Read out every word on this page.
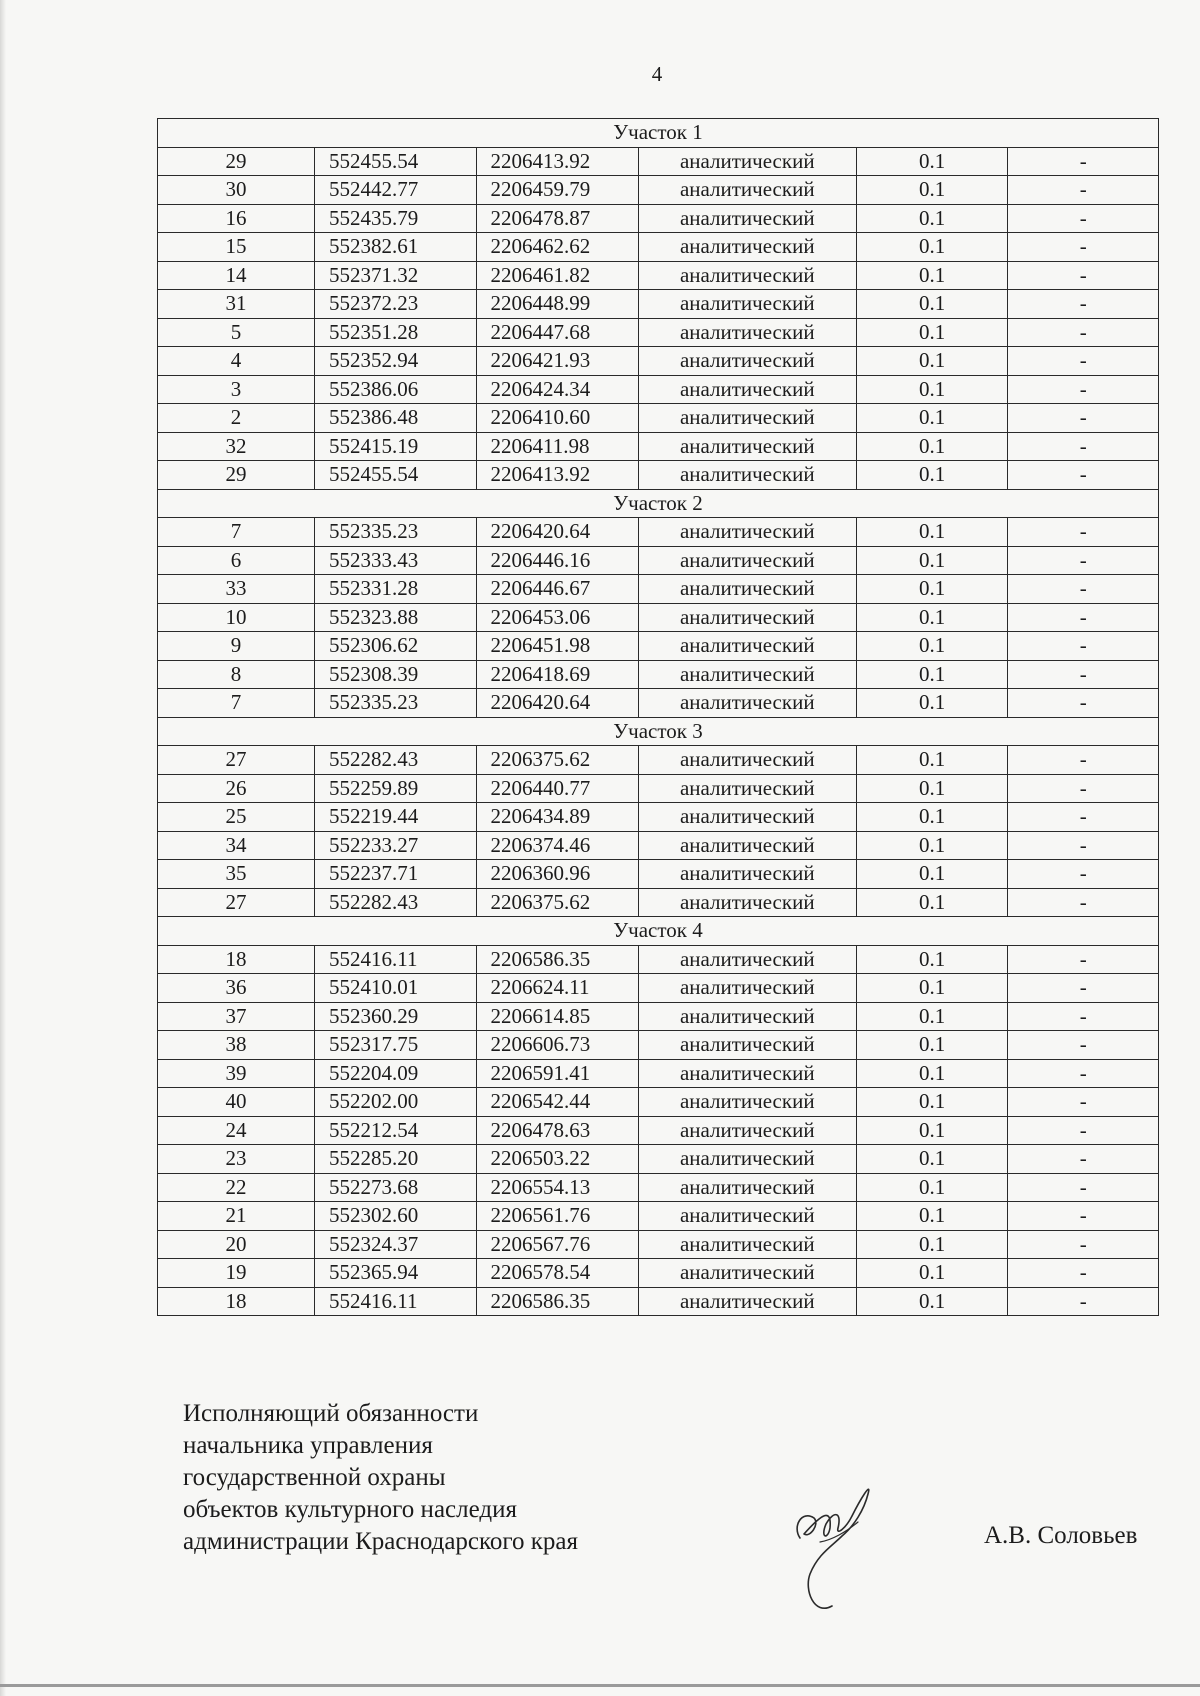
4
Участок 1					
29	552455.54	2206413.92	аналитический	0.1	-
30	552442.77	2206459.79	аналитический	0.1	-
16	552435.79	2206478.87	аналитический	0.1	-
15	552382.61	2206462.62	аналитический	0.1	-
14	552371.32	2206461.82	аналитический	0.1	-
31	552372.23	2206448.99	аналитический	0.1	-
5	552351.28	2206447.68	аналитический	0.1	-
4	552352.94	2206421.93	аналитический	0.1	-
3	552386.06	2206424.34	аналитический	0.1	-
2	552386.48	2206410.60	аналитический	0.1	-
32	552415.19	2206411.98	аналитический	0.1	-
29	552455.54	2206413.92	аналитический	0.1	-
Участок 2					
7	552335.23	2206420.64	аналитический	0.1	-
6	552333.43	2206446.16	аналитический	0.1	-
33	552331.28	2206446.67	аналитический	0.1	-
10	552323.88	2206453.06	аналитический	0.1	-
9	552306.62	2206451.98	аналитический	0.1	-
8	552308.39	2206418.69	аналитический	0.1	-
7	552335.23	2206420.64	аналитический	0.1	-
Участок 3					
27	552282.43	2206375.62	аналитический	0.1	-
26	552259.89	2206440.77	аналитический	0.1	-
25	552219.44	2206434.89	аналитический	0.1	-
34	552233.27	2206374.46	аналитический	0.1	-
35	552237.71	2206360.96	аналитический	0.1	-
27	552282.43	2206375.62	аналитический	0.1	-
Участок 4					
18	552416.11	2206586.35	аналитический	0.1	-
36	552410.01	2206624.11	аналитический	0.1	-
37	552360.29	2206614.85	аналитический	0.1	-
38	552317.75	2206606.73	аналитический	0.1	-
39	552204.09	2206591.41	аналитический	0.1	-
40	552202.00	2206542.44	аналитический	0.1	-
24	552212.54	2206478.63	аналитический	0.1	-
23	552285.20	2206503.22	аналитический	0.1	-
22	552273.68	2206554.13	аналитический	0.1	-
21	552302.60	2206561.76	аналитический	0.1	-
20	552324.37	2206567.76	аналитический	0.1	-
19	552365.94	2206578.54	аналитический	0.1	-
18	552416.11	2206586.35	аналитический	0.1	-
Исполняющий обязанности
начальника управления
государственной охраны
объектов культурного наследия
администрации Краснодарского края	А.В. Соловьев
